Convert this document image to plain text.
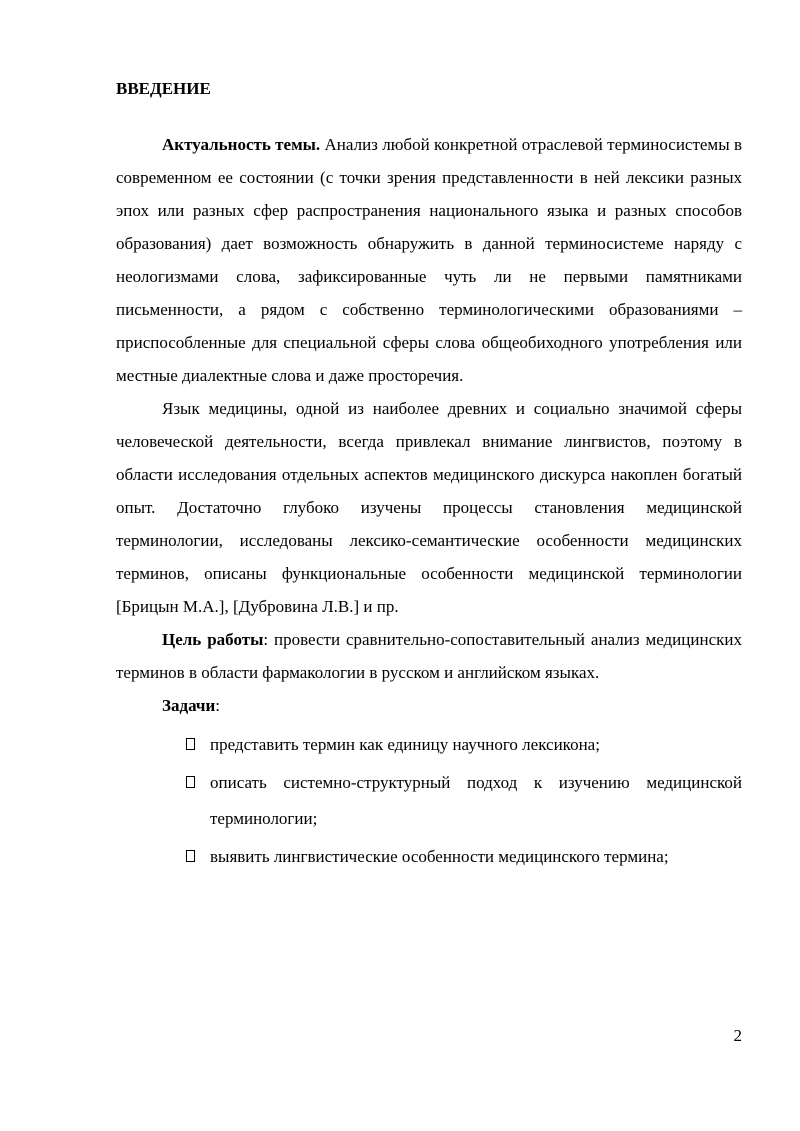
ВВЕДЕНИЕ

Актуальность темы. Анализ любой конкретной отраслевой терминосистемы в современном ее состоянии (с точки зрения представленности в ней лексики разных эпох или разных сфер распространения национального языка и разных способов образования) дает возможность обнаружить в данной терминосистеме наряду с неологизмами слова, зафиксированные чуть ли не первыми памятниками письменности, а рядом с собственно терминологическими образованиями – приспособленные для специальной сферы слова общеобиходного употребления или местные диалектные слова и даже просторечия.

Язык медицины, одной из наиболее древних и социально значимой сферы человеческой деятельности, всегда привлекал внимание лингвистов, поэтому в области исследования отдельных аспектов медицинского дискурса накоплен богатый опыт. Достаточно глубоко изучены процессы становления медицинской терминологии, исследованы лексико-семантические особенности медицинских терминов, описаны функциональные особенности медицинской терминологии [Брицын М.А.], [Дубровина Л.В.] и пр.

Цель работы: провести сравнительно-сопоставительный анализ медицинских терминов в области фармакологии в русском и английском языках.

Задачи:

представить термин как единицу научного лексикона;
описать системно-структурный подход к изучению медицинской терминологии;
выявить лингвистические особенности медицинского термина;
2
